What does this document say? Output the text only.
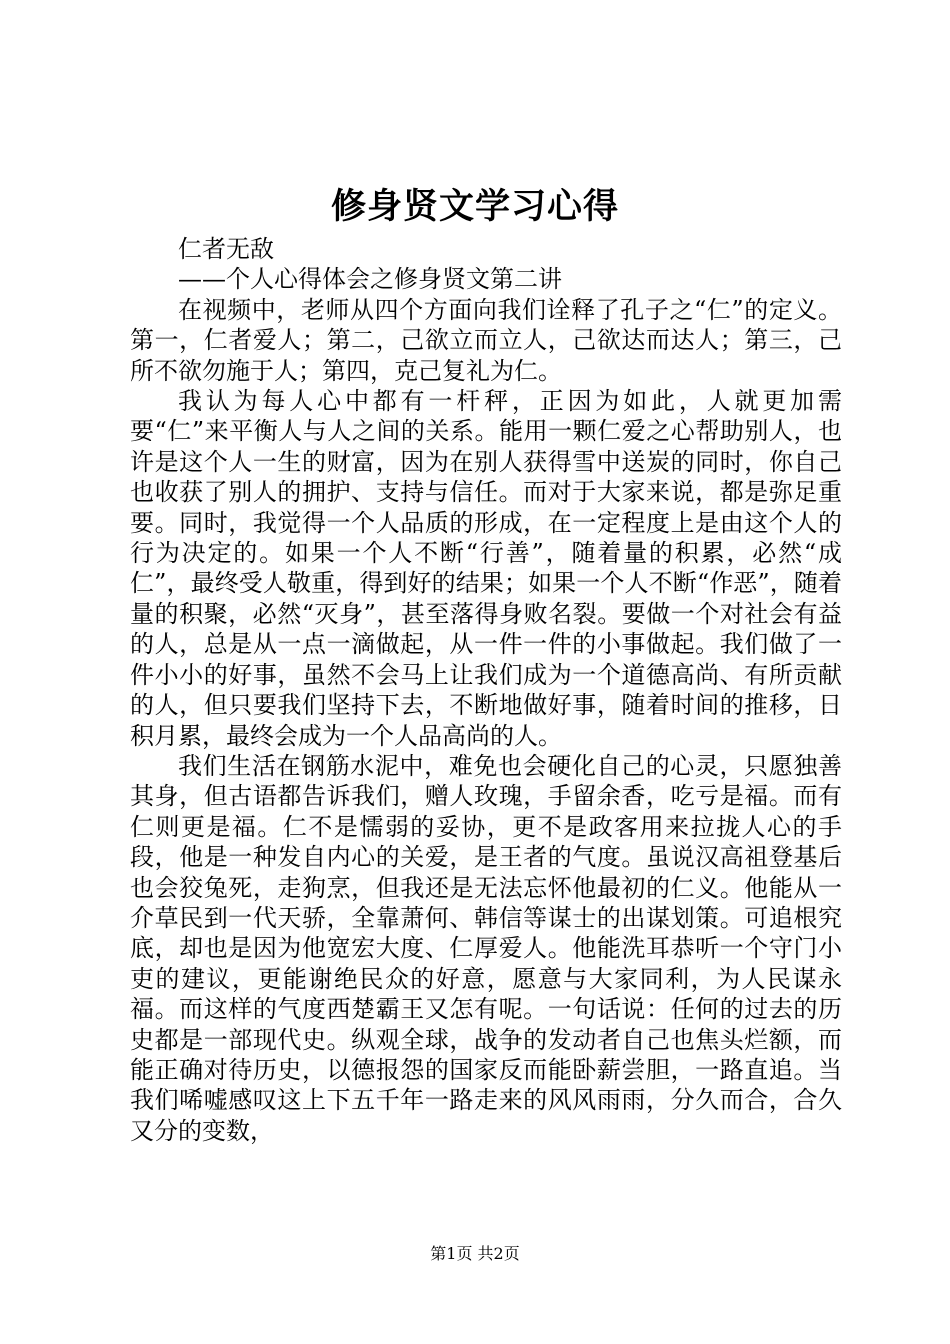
修身贤文学习心得

仁者无敌

——个人心得体会之修身贤文第二讲

在视频中，老师从四个方面向我们诠释了孔子之“仁”的定义。第一，仁者爱人；第二，己欲立而立人，己欲达而达人；第三，己所不欲勿施于人；第四，克己复礼为仁。

我认为每人心中都有一杆秤，正因为如此，人就更加需要“仁”来平衡人与人之间的关系。能用一颗仁爱之心帮助别人，也许是这个人一生的财富，因为在别人获得雪中送炭的同时，你自己也收获了别人的拥护、支持与信任。而对于大家来说，都是弥足重要。同时，我觉得一个人品质的形成，在一定程度上是由这个人的行为决定的。如果一个人不断“行善”，随着量的积累，必然“成仁”，最终受人敬重，得到好的结果；如果一个人不断“作恶”，随着量的积聚，必然“灭身”，甚至落得身败名裂。要做一个对社会有益的人，总是从一点一滴做起，从一件一件的小事做起。我们做了一件小小的好事，虽然不会马上让我们成为一个道德高尚、有所贡献的人，但只要我们坚持下去，不断地做好事，随着时间的推移，日积月累，最终会成为一个人品高尚的人。

我们生活在钢筋水泥中，难免也会硬化自己的心灵，只愿独善其身，但古语都告诉我们，赠人玫瑰，手留余香，吃亏是福。而有仁则更是福。仁不是懦弱的妥协，更不是政客用来拉拢人心的手段，他是一种发自内心的关爱，是王者的气度。虽说汉高祖登基后也会狡兔死，走狗烹，但我还是无法忘怀他最初的仁义。他能从一介草民到一代天骄，全靠萧何、韩信等谋士的出谋划策。可追根究底，却也是因为他宽宏大度、仁厚爱人。他能洗耳恭听一个守门小吏的建议，更能谢绝民众的好意，愿意与大家同利，为人民谋永福。而这样的气度西楚霸王又怎有呢。一句话说：任何的过去的历史都是一部现代史。纵观全球，战争的发动者自己也焦头烂额，而能正确对待历史，以德报怨的国家反而能卧薪尝胆，一路直追。当我们唏嘘感叹这上下五千年一路走来的风风雨雨，分久而合，合久又分的变数，

第1页 共2页
